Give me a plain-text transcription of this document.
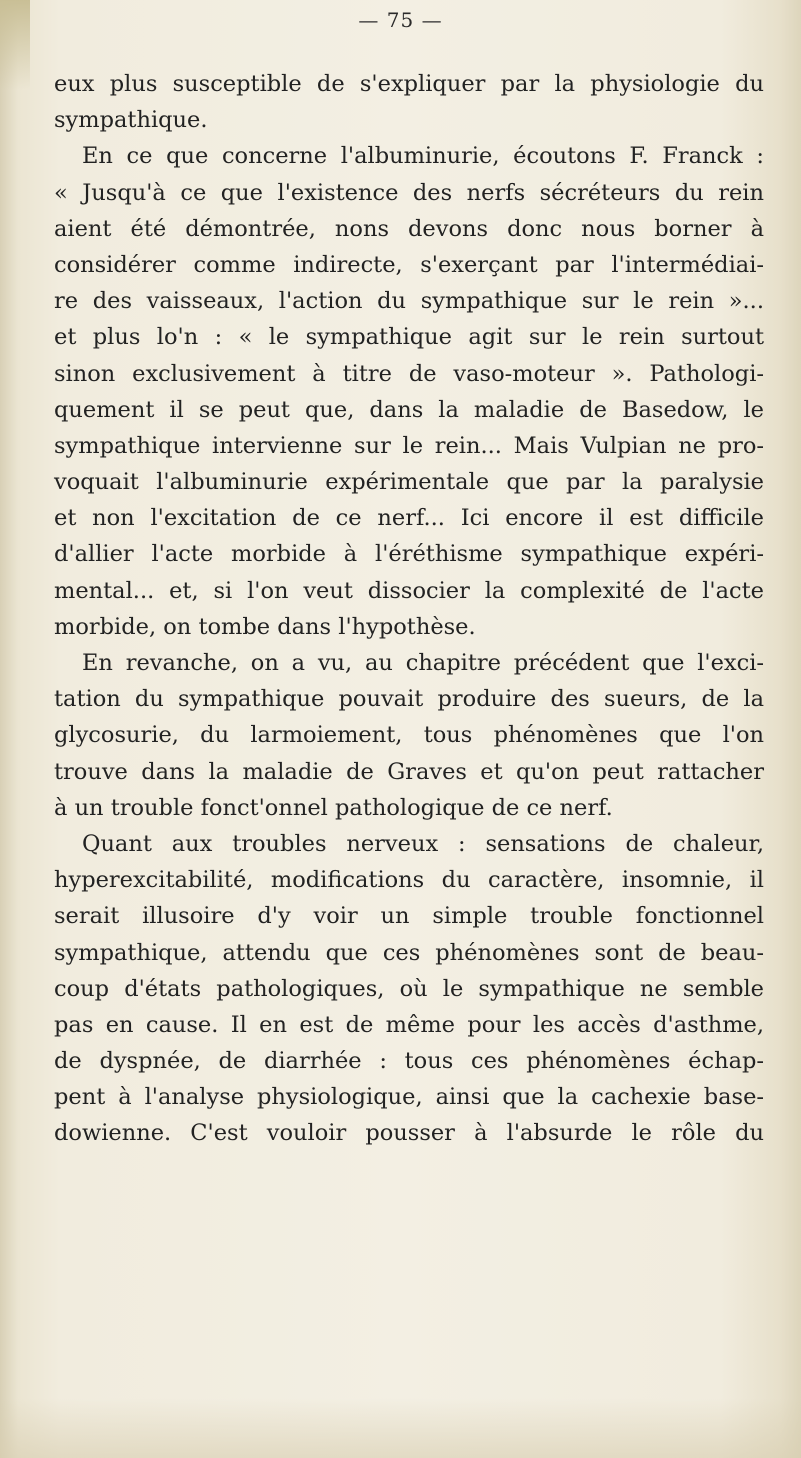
— 75 —
eux plus susceptible de s'expliquer par la physiologie du
sympathique.
En ce que concerne l'albuminurie, écoutons F. Franck :
« Jusqu'à ce que l'existence des nerfs sécréteurs du rein
aient été démontrée, nons devons donc nous borner à
considérer comme indirecte, s'exerçant par l'intermédiai-
re des vaisseaux, l'action du sympathique sur le rein »...
et plus lo'n : « le sympathique agit sur le rein surtout
sinon exclusivement à titre de vaso-moteur ». Pathologi-
quement il se peut que, dans la maladie de Basedow, le
sympathique intervienne sur le rein... Mais Vulpian ne pro-
voquait l'albuminurie expérimentale que par la paralysie
et non l'excitation de ce nerf... Ici encore il est difficile
d'allier l'acte morbide à l'éréthisme sympathique expéri-
mental... et, si l'on veut dissocier la complexité de l'acte
morbide, on tombe dans l'hypothèse.
En revanche, on a vu, au chapitre précédent que l'exci-
tation du sympathique pouvait produire des sueurs, de la
glycosurie, du larmoiement, tous phénomènes que l'on
trouve dans la maladie de Graves et qu'on peut rattacher
à un trouble fonct'onnel pathologique de ce nerf.
Quant aux troubles nerveux : sensations de chaleur,
hyperexcitabilité, modifications du caractère, insomnie, il
serait illusoire d'y voir un simple trouble fonctionnel
sympathique, attendu que ces phénomènes sont de beau-
coup d'états pathologiques, où le sympathique ne semble
pas en cause. Il en est de même pour les accès d'asthme,
de dyspnée, de diarrhée : tous ces phénomènes échap-
pent à l'analyse physiologique, ainsi que la cachexie base-
dowienne. C'est vouloir pousser à l'absurde le rôle du
